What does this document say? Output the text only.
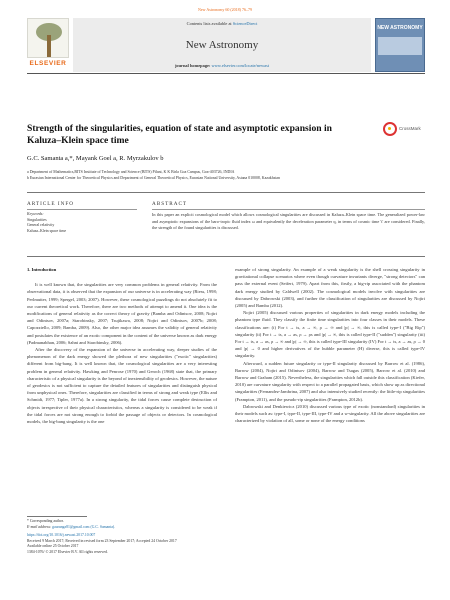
New Astronomy 60 (2018) 76–79
ELSEVIER
Contents lists available at ScienceDirect
New Astronomy
journal homepage: www.elsevier.com/locate/newast
NEW ASTRONOMY
Strength of the singularities, equation of state and asymptotic expansion in Kaluza–Klein space time
CrossMark
G.C. Samanta a,*, Mayank Goel a, R. Myrzakulov b
a Department of Mathematics,BITS Institute of Technology and Science (BITS) Pilani, K K Birla Goa Campus, Goa-403726, INDIA
b Eurasian International Center for Theoretical Physics and Department of General Theoretical Physics, Eurasian National University, Astana 010008, Kazakhstan
ARTICLE INFO	ABSTRACT
Keywords:
Singularities
General relativity
Kaluza–Klein space time
In this paper an explicit cosmological model which allows cosmological singularities are discussed in Kaluza–Klein space time. The generalized power-law and asymptotic expansions of the baro-tropic fluid index ω and equivalently the deceleration parameter q, in terms of cosmic time 't' are considered. Finally, the strength of the found singularities is discussed.
1. Introduction

It is well known that, the singularities are very common problems in general relativity. From the observational data, it is observed that the expansion of our universe is in accelerating way (Riess, 1998; Perlmutter, 1999; Spergel, 2003; 2007). However, these cosmological puzzlings do not absolutely fit to our current theoretical work. Therefore, there are two methods of attempt to amend it. One idea is the modifications of general relativity as the correct theory of gravity (Bamba and Odintsov, 2008; Nojiri and Odintsov, 2007a; Starobinsky, 2007; Tsujikawa, 2008; Nojiri and Odintsov, 2007b; 2008; Capozziello, 2009; Bamba, 2009). Also, the other major idea assumes the validity of general relativity and postulates the existence of an exotic component in the content of the universe known as dark energy (Padmanabhan, 2006; Sahni and Starobinsky, 2006).

After the discovery of the expansion of the universe in accelerating way, deeper studies of the phenomenon of the dark energy showed the plethora of new singularities ("exotic" singularities) different from big-bang. It is well known that, the cosmological singularities are a very interesting problem in general relativity. Hawking and Penrose (1970) and Geroch (1968) state that, the primary characteristic of a physical singularity is the beyond of inextensibility of geodesics. However, the nature of geodesics is not sufficient to capture the detailed features of singularities and distinguish physical from unphysical ones. Therefore, singularities are classified in terms of strong and weak type (Ellis and Schmidt, 1977; Tipler, 1977a). In a strong singularity, the tidal forces cause complete destruction of objects irrespective of their physical characteristics, whereas a singularity is considered to be weak if the tidal forces are not strong enough to forbid the passage of objects or detectors. In cosmological models, the big-bang singularity is the one

example of strong singularity. An example of a weak singularity is the shell crossing singularity in gravitational collapse scenarios where even though curvature invariants diverge, "strong detectors" can pass the external event (Seifert, 1979). Apart from this, firstly, a big-rip associated with the phantom dark energy studied by Caldwell (2002). The cosmological models involve with singularities are discussed by Dabrowski (2003), and further the classification of singularities are discussed by Nojiri (2005) and Bamba (2012).

Nojiri (2005) discussed various properties of singularities in dark energy models including the phantom type fluid. They classify the finite time singularities into four classes in their models. These classifications are: (i) For t → ts, a → ∞, ρ → ∞ and |p| → ∞, this is called type-I ("Big Rip") singularity (ii) For t → ts, a → as, ρ → ρs and |p| → ∞, this is called type-II ("sudden") singularity (iii) For t → ts, a → as, ρ → ∞ and |p| → ∞, this is called type-III singularity (IV) For t → ts, a → as, ρ → 0 and |p| → 0 and higher derivatives of the hubble parameter (H) diverse, this is called type-IV singularity.

Afterward, a sudden future singularity or type-II singularity discussed by Barrow et al. (1986), Barrow (2004), Nojiri and Odintsov (2004), Barrow and Tsagas (2005), Barrow et al. (2010) and Barrow and Graham (2015). Nevertheless, the singularities which fall outside this classification (Kiefer, 2010) are curvature singularity with respect to a parallel propagated basis, which show up as directional singularities (Fernandez-Jambrina, 2007) and also intensively studied recently: the little-rip singularities (Frampton, 2011), and the pseudo-rip singularities (Frampton, 2012b).

Dabrowski and Denkiewicz (2010) discussed various type of exotic (nonstandard) singularities in their models such as: type-I, type-II, type-III, type-IV and a w-singularity. All the above singularities are characterized by violation of all, some or none of the energy conditions

* Corresponding author.
E-mail address: gauranga81@gmail.com (G.C. Samanta).
https://doi.org/10.1016/j.newast.2017.10.007
Received 9 March 2017; Received in revised form 23 September 2017; Accepted 24 October 2017
Available online 25 October 2017
1384-1076/ © 2017 Elsevier B.V. All rights reserved.
